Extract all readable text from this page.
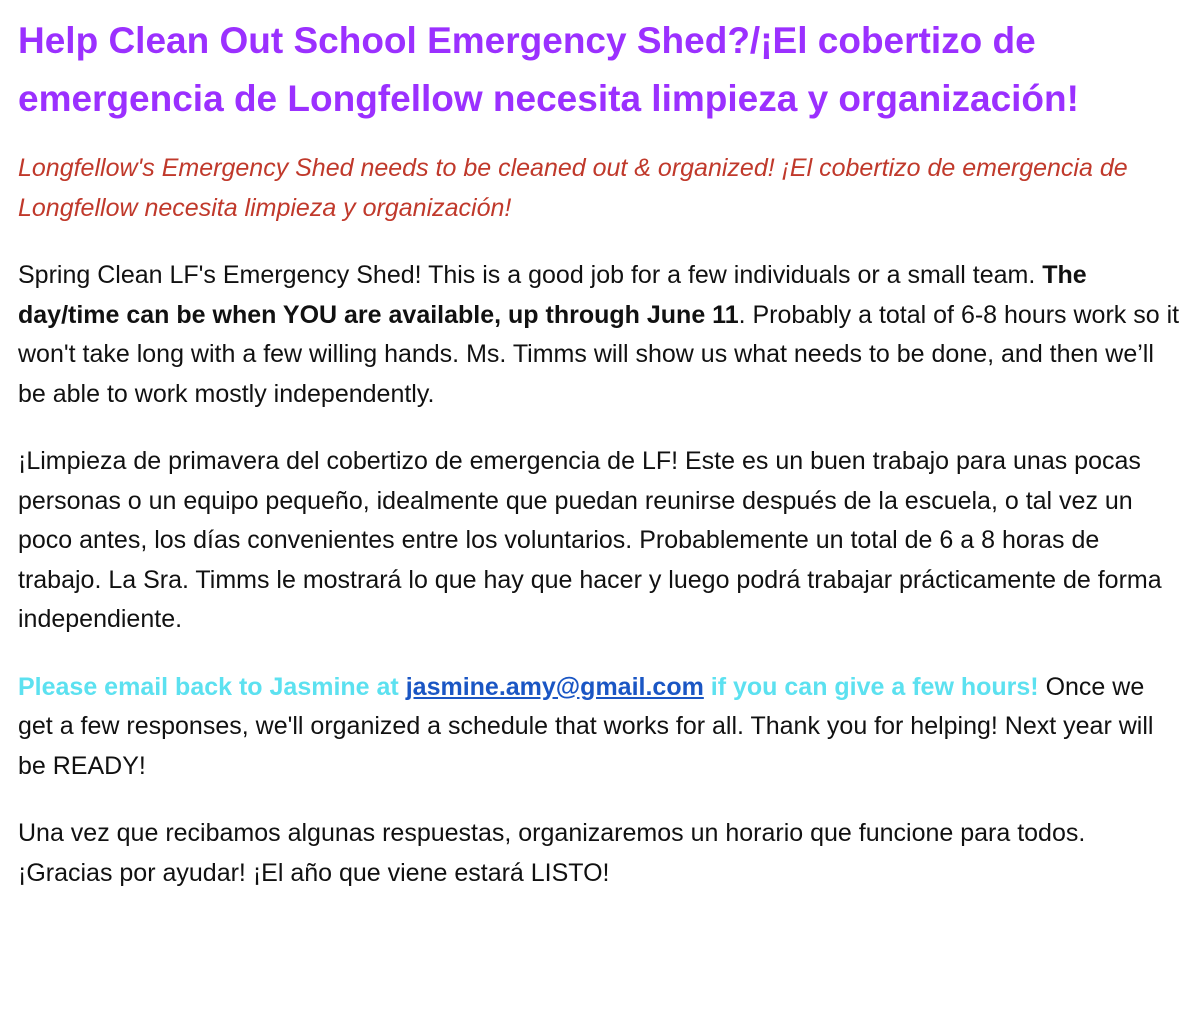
Help Clean Out School Emergency Shed?/¡El cobertizo de emergencia de Longfellow necesita limpieza y organización!

Longfellow's Emergency Shed needs to be cleaned out & organized! ¡El cobertizo de emergencia de Longfellow necesita limpieza y organización!

Spring Clean LF's Emergency Shed! This is a good job for a few individuals or a small team. The day/time can be when YOU are available, up through June 11. Probably a total of 6-8 hours work so it won't take long with a few willing hands. Ms. Timms will show us what needs to be done, and then we’ll be able to work mostly independently.

¡Limpieza de primavera del cobertizo de emergencia de LF! Este es un buen trabajo para unas pocas personas o un equipo pequeño, idealmente que puedan reunirse después de la escuela, o tal vez un poco antes, los días convenientes entre los voluntarios. Probablemente un total de 6 a 8 horas de trabajo. La Sra. Timms le mostrará lo que hay que hacer y luego podrá trabajar prácticamente de forma independiente.

Please email back to Jasmine at jasmine.amy@gmail.com if you can give a few hours! Once we get a few responses, we'll organized a schedule that works for all. Thank you for helping! Next year will be READY!

Una vez que recibamos algunas respuestas, organizaremos un horario que funcione para todos. ¡Gracias por ayudar! ¡El año que viene estará LISTO!
